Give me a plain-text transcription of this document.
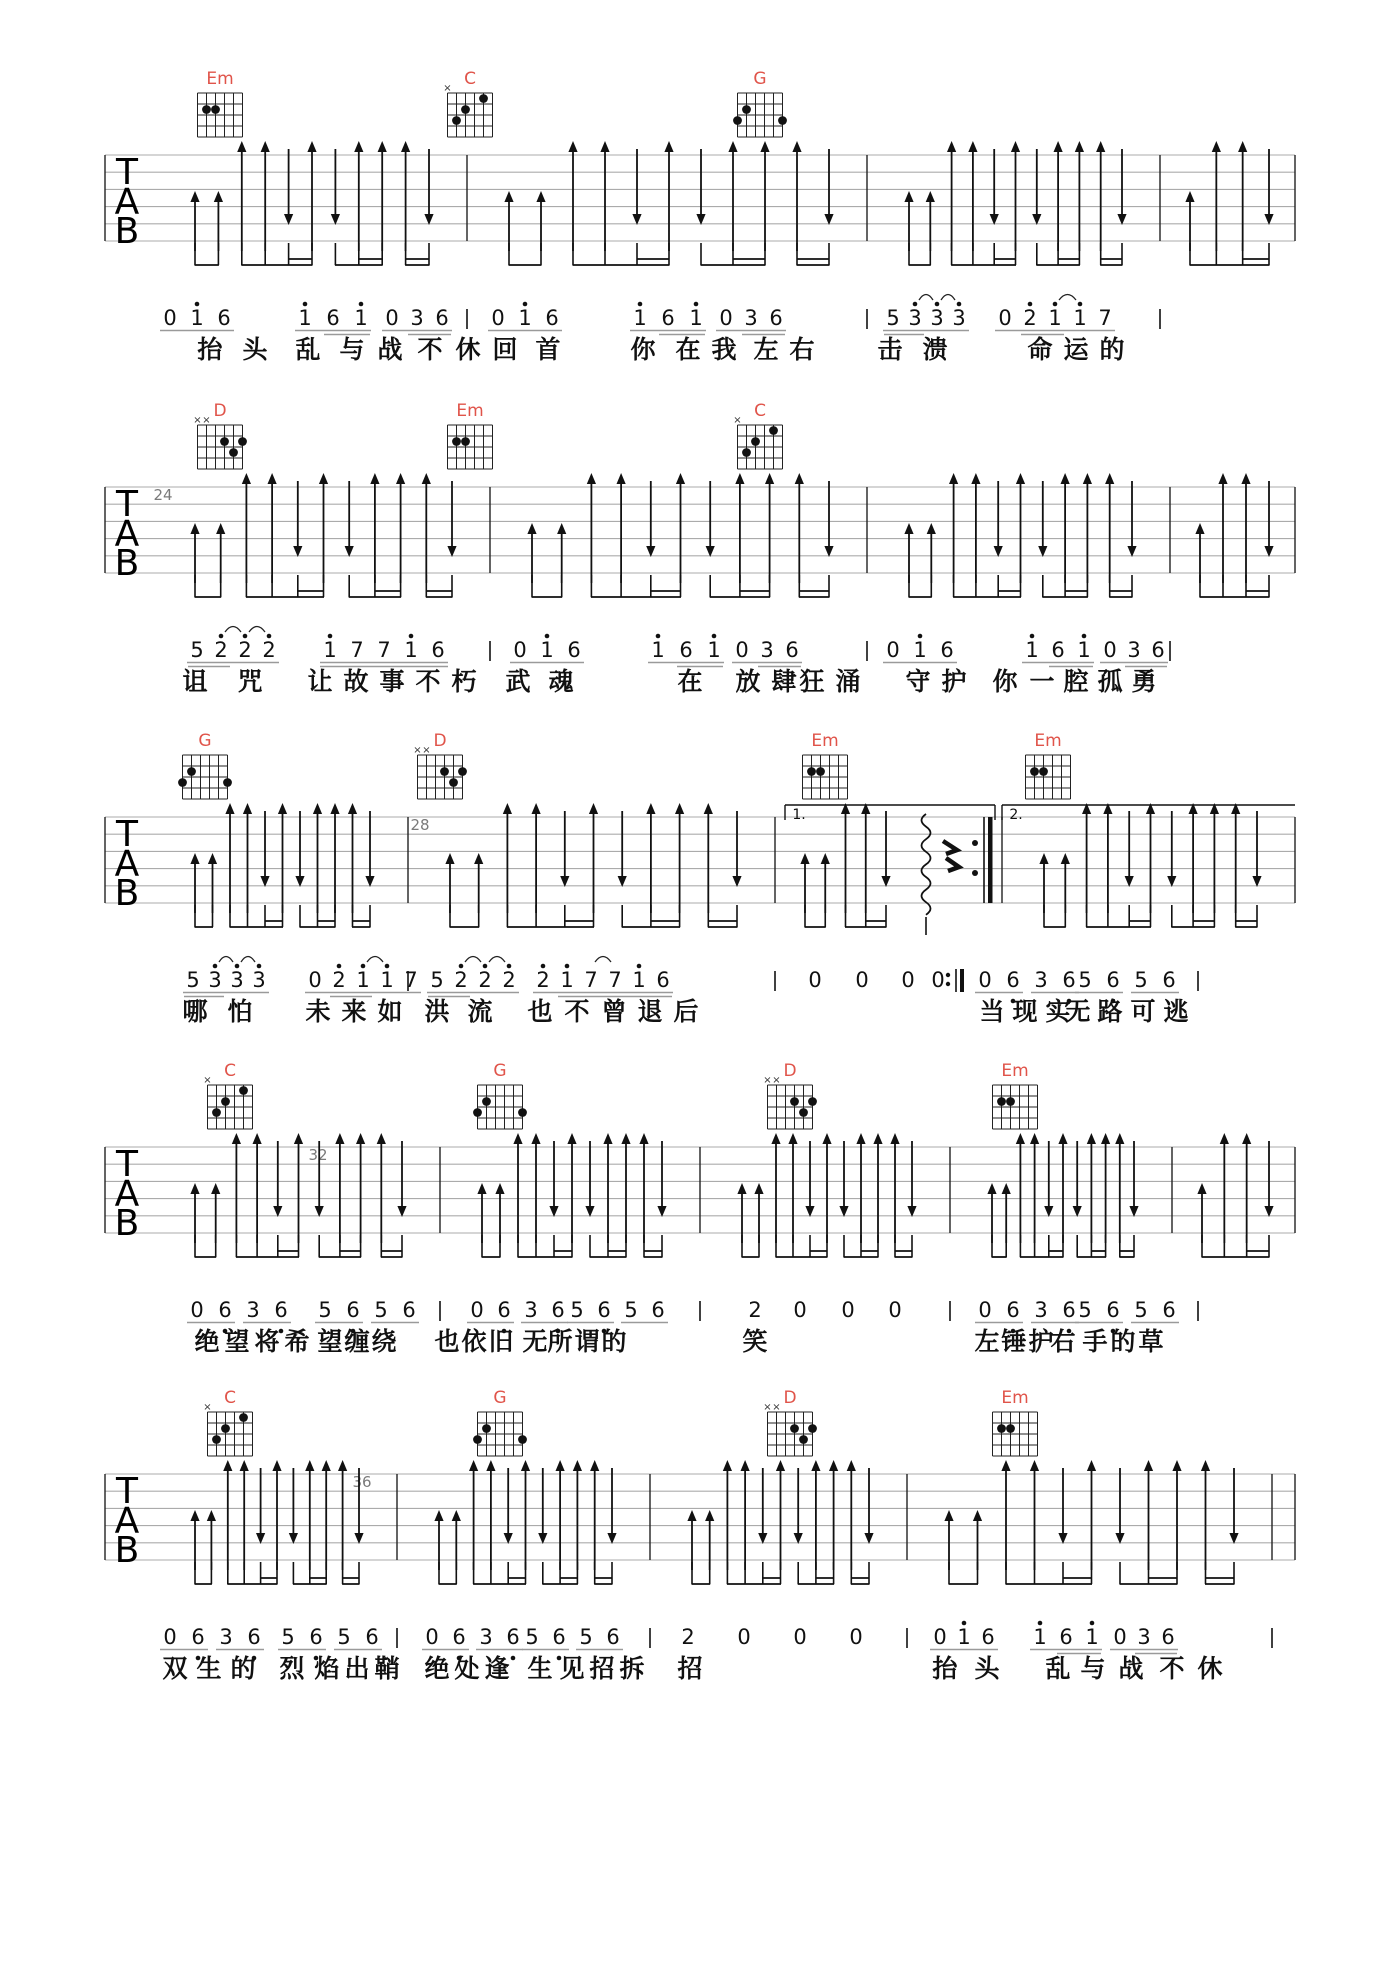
T
A
B
Em	C
×	G
0 1 6	1 6 1 0 3 6 0 1 6	1 6 1 0 3 6	5 3 3 3 0 2 1 1 7
抬 头 乱 与 战 不 休 回 首	你 在 我 左 右	击 溃	命 运 的
T
A
B
24
D
× ×	Em	C
×
5 2 2 2 1 7 7 1 6	0 1 6	1 6 1 0 3 6	0 1 6	1 6 1 0 3 6
诅 咒 让 故 事 不 朽 武 魂	在 放 肆 狂 涌 守 护 你 一 腔 孤 勇
T
A
B
28
1.	2.
G	D
× ×	Em	Em
5 3 3 3 0 2 1 1 7 5 2 2 2 2 1 7 7 1 6	0 0 0 0 0 6 3 6 5 6 5 6
哪 怕 未 来 如 洪 流 也 不 曾 退 后	当 现 实
无 路 可 逃
T
A
B
32
C
×	G	D
× ×	Em
0 6 3 6 5 6 5 6	0 6 3 6 5 6 5 6	2 0 0 0	0 6 3 6 5 6 5 6
绝 望 将 希 望 缠 绕 也 依 旧 无 所 谓 的	笑	左 锤 护
右 手 的 草
T
A
B
36
C
×	G	D
× ×	Em
0 6 3 6 5 6 5 6 0 6 3 6 5 6 5 6	2 0 0 0	0 1 6 1 6 1 0 3 6
双 生 的 烈 焰 出 鞘 绝 处 逢 生 见 招 拆 招	抬 头 乱 与 战 不 休
